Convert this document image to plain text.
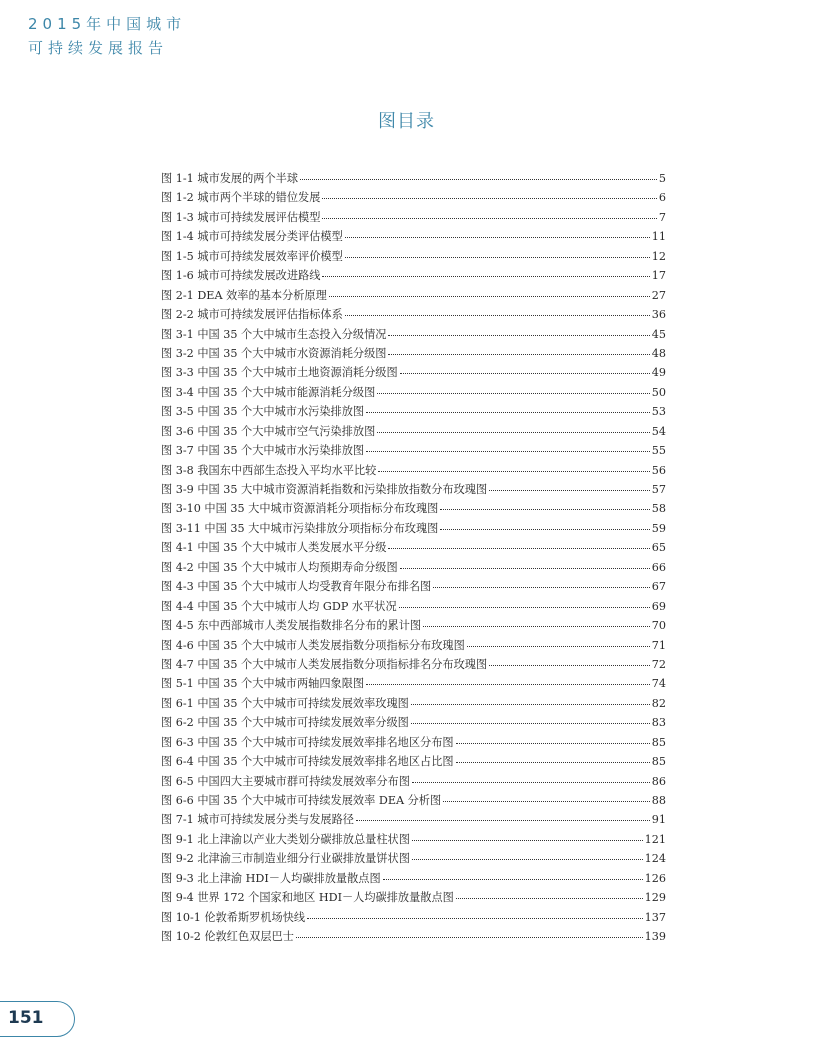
2015年中国城市
可持续发展报告
图目录
图 1-1 城市发展的两个半球	5
图 1-2 城市两个半球的错位发展	6
图 1-3 城市可持续发展评估模型	7
图 1-4 城市可持续发展分类评估模型	11
图 1-5 城市可持续发展效率评价模型	12
图 1-6 城市可持续发展改进路线	17
图 2-1 DEA 效率的基本分析原理	27
图 2-2 城市可持续发展评估指标体系	36
图 3-1 中国 35 个大中城市生态投入分级情况	45
图 3-2 中国 35 个大中城市水资源消耗分级图	48
图 3-3 中国 35 个大中城市土地资源消耗分级图	49
图 3-4 中国 35 个大中城市能源消耗分级图	50
图 3-5 中国 35 个大中城市水污染排放图	53
图 3-6 中国 35 个大中城市空气污染排放图	54
图 3-7 中国 35 个大中城市水污染排放图	55
图 3-8 我国东中西部生态投入平均水平比较	56
图 3-9 中国 35 大中城市资源消耗指数和污染排放指数分布玫瑰图	57
图 3-10 中国 35 大中城市资源消耗分项指标分布玫瑰图	58
图 3-11 中国 35 大中城市污染排放分项指标分布玫瑰图	59
图 4-1 中国 35 个大中城市人类发展水平分级	65
图 4-2 中国 35 个大中城市人均预期寿命分级图	66
图 4-3 中国 35 个大中城市人均受教育年限分布排名图	67
图 4-4 中国 35 个大中城市人均 GDP 水平状况	69
图 4-5 东中西部城市人类发展指数排名分布的累计图	70
图 4-6 中国 35 个大中城市人类发展指数分项指标分布玫瑰图	71
图 4-7 中国 35 个大中城市人类发展指数分项指标排名分布玫瑰图	72
图 5-1 中国 35 个大中城市两轴四象限图	74
图 6-1 中国 35 个大中城市可持续发展效率玫瑰图	82
图 6-2 中国 35 个大中城市可持续发展效率分级图	83
图 6-3 中国 35 个大中城市可持续发展效率排名地区分布图	85
图 6-4 中国 35 个大中城市可持续发展效率排名地区占比图	85
图 6-5 中国四大主要城市群可持续发展效率分布图	86
图 6-6 中国 35 个大中城市可持续发展效率 DEA 分析图	88
图 7-1 城市可持续发展分类与发展路径	91
图 9-1 北上津渝以产业大类划分碳排放总量柱状图	121
图 9-2 北津渝三市制造业细分行业碳排放量饼状图	124
图 9-3 北上津渝 HDI－人均碳排放量散点图	126
图 9-4 世界 172 个国家和地区 HDI－人均碳排放量散点图	129
图 10-1 伦敦希斯罗机场快线	137
图 10-2 伦敦红色双层巴士	139
151
